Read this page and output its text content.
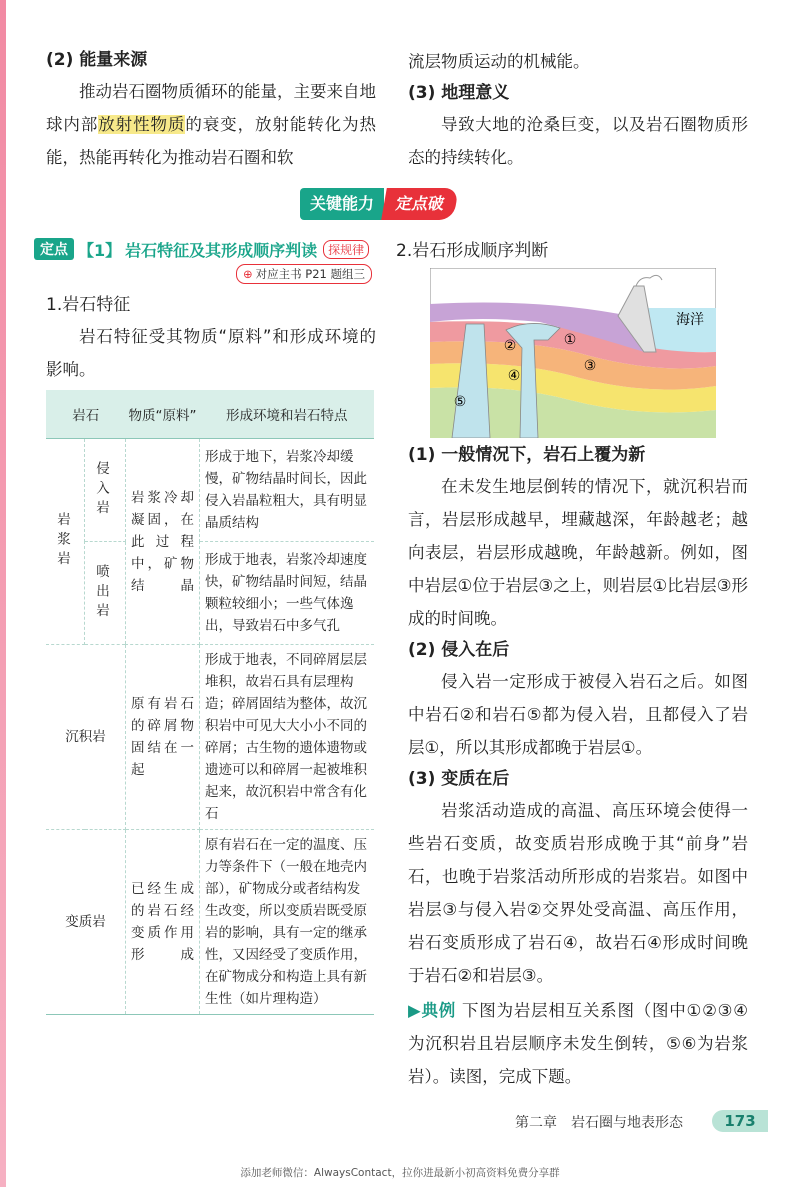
(2) 能量来源

推动岩石圈物质循环的能量，主要来自地球内部放射性物质的衰变，放射能转化为热能，热能再转化为推动岩石圈和软

流层物质运动的机械能。

(3) 地理意义

导致大地的沧桑巨变，以及岩石圈物质形态的持续转化。

关键能力	定点破
定点 【1】 岩石特征及其形成顺序判读 探规律
⊕ 对应主书 P21 题组三

1.岩石特征

岩石特征受其物质“原料”和形成环境的影响。

岩石		物质“原料”	形成环境和岩石特点

岩浆岩	侵入岩	岩浆冷却凝固，在此过程中，矿物结晶	形成于地下，岩浆冷却缓慢，矿物结晶时间长，因此侵入岩晶粒粗大，具有明显晶质结构

	喷出岩		形成于地表，岩浆冷却速度快，矿物结晶时间短，结晶颗粒较细小；一些气体逸出，导致岩石中多气孔
沉积岩		原有岩石的碎屑物固结在一起	形成于地表，不同碎屑层层堆积，故岩石具有层理构造；碎屑固结为整体，故沉积岩中可见大大小小不同的碎屑；古生物的遗体遗物或遗迹可以和碎屑一起被堆积起来，故沉积岩中常含有化石
变质岩		已经生成的岩石经变质作用形成	原有岩石在一定的温度、压力等条件下（一般在地壳内部），矿物成分或者结构发生改变，所以变质岩既受原岩的影响，具有一定的继承性，又因经受了变质作用，在矿物成分和构造上具有新生性（如片理构造）

2.岩石形成顺序判断

①
②
③
④
⑤
海洋

(1) 一般情况下，岩石上覆为新

在未发生地层倒转的情况下，就沉积岩而言，岩层形成越早，埋藏越深，年龄越老；越向表层，岩层形成越晚，年龄越新。例如，图中岩层①位于岩层③之上，则岩层①比岩层③形成的时间晚。

(2) 侵入在后

侵入岩一定形成于被侵入岩石之后。如图中岩石②和岩石⑤都为侵入岩，且都侵入了岩层①，所以其形成都晚于岩层①。

(3) 变质在后

岩浆活动造成的高温、高压环境会使得一些岩石变质，故变质岩形成晚于其“前身”岩石，也晚于岩浆活动所形成的岩浆岩。如图中岩层③与侵入岩②交界处受高温、高压作用，岩石变质形成了岩石④，故岩石④形成时间晚于岩石②和岩层③。

▶典例 下图为岩层相互关系图（图中①②③④为沉积岩且岩层顺序未发生倒转，⑤⑥为岩浆岩）。读图，完成下题。

第二章　岩石圈与地表形态	173
添加老师微信：AlwaysContact，拉你进最新小初高资料免费分享群
